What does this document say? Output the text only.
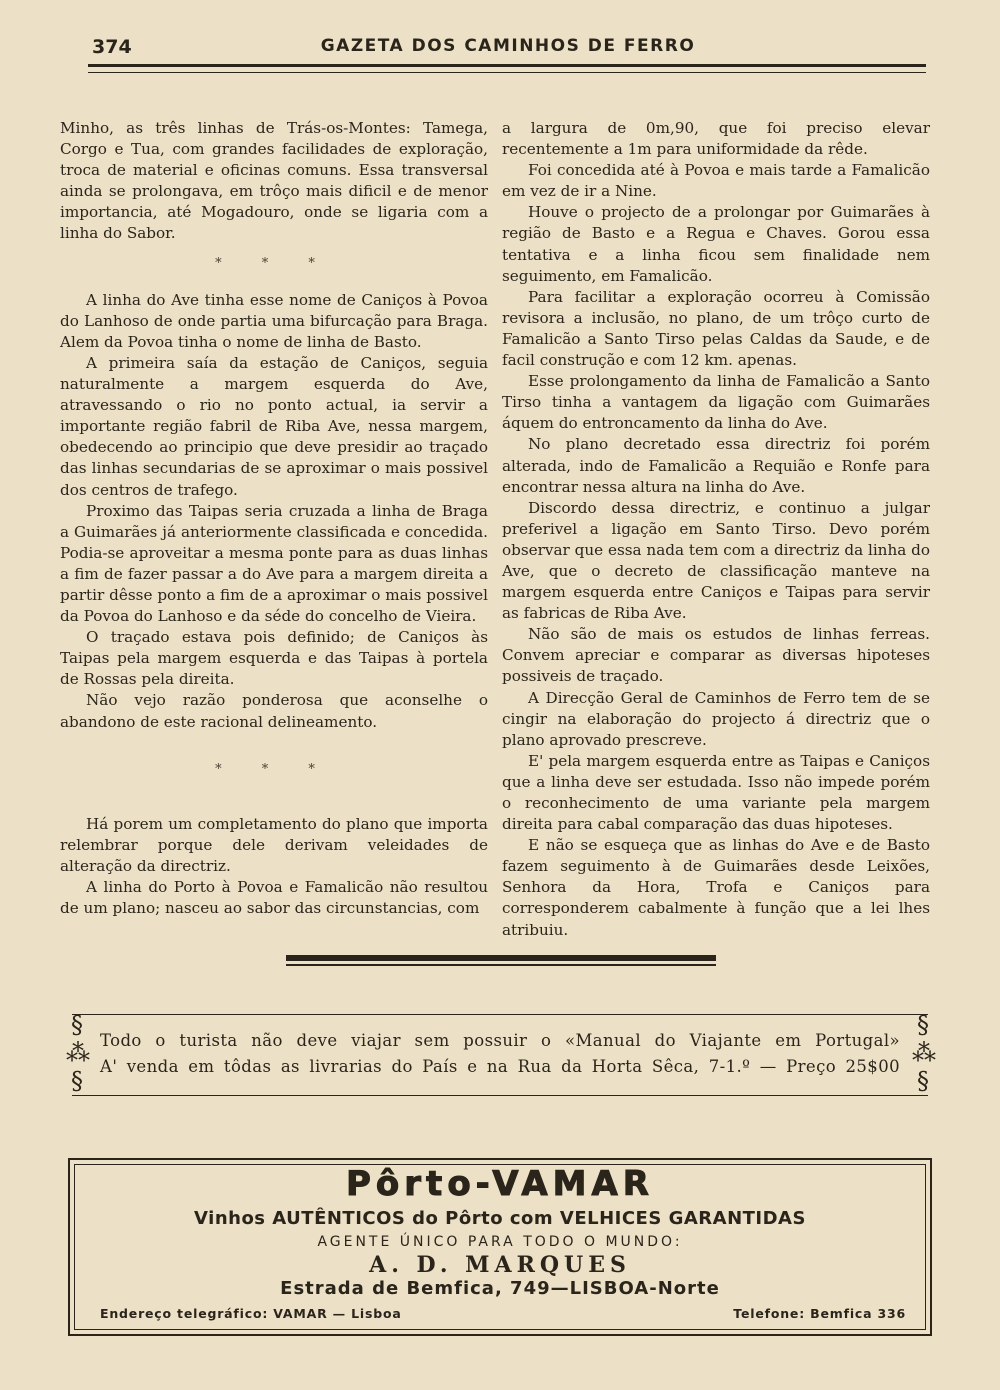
374	GAZETA DOS CAMINHOS DE FERRO

Minho, as três linhas de Trás-os-Montes: Tamega, Corgo e Tua, com grandes facilidades de exploração, troca de material e oficinas comuns. Essa transversal ainda se prolongava, em trôço mais dificil e de menor importancia, até Mogadouro, onde se ligaria com a linha do Sabor.

* * *

A linha do Ave tinha esse nome de Caniços à Povoa do Lanhoso de onde partia uma bifurcação para Braga. Alem da Povoa tinha o nome de linha de Basto.

A primeira saía da estação de Caniços, seguia naturalmente a margem esquerda do Ave, atravessando o rio no ponto actual, ia servir a importante região fabril de Riba Ave, nessa margem, obedecendo ao principio que deve presidir ao traçado das linhas secundarias de se aproximar o mais possivel dos centros de trafego.

Proximo das Taipas seria cruzada a linha de Braga a Guimarães já anteriormente classificada e concedida. Podia-se aproveitar a mesma ponte para as duas linhas a fim de fazer passar a do Ave para a margem direita a partir dêsse ponto a fim de a aproximar o mais possivel da Povoa do Lanhoso e da séde do concelho de Vieira.

O traçado estava pois definido; de Caniços às Taipas pela margem esquerda e das Taipas à portela de Rossas pela direita.

Não vejo razão ponderosa que aconselhe o abandono de este racional delineamento.

* * *

Há porem um completamento do plano que importa relembrar porque dele derivam veleidades de alteração da directriz.

A linha do Porto à Povoa e Famalicão não resultou de um plano; nasceu ao sabor das circunstancias, com

a largura de 0m,90, que foi preciso elevar recentemente a 1m para uniformidade da rêde.

Foi concedida até à Povoa e mais tarde a Famalicão em vez de ir a Nine.

Houve o projecto de a prolongar por Guimarães à região de Basto e a Regua e Chaves. Gorou essa tentativa e a linha ficou sem finalidade nem seguimento, em Famalicão.

Para facilitar a exploração ocorreu à Comissão revisora a inclusão, no plano, de um trôço curto de Famalicão a Santo Tirso pelas Caldas da Saude, e de facil construção e com 12 km. apenas.

Esse prolongamento da linha de Famalicão a Santo Tirso tinha a vantagem da ligação com Guimarães áquem do entroncamento da linha do Ave.

No plano decretado essa directriz foi porém alterada, indo de Famalicão a Requião e Ronfe para encontrar nessa altura na linha do Ave.

Discordo dessa directriz, e continuo a julgar preferivel a ligação em Santo Tirso. Devo porém observar que essa nada tem com a directriz da linha do Ave, que o decreto de classificação manteve na margem esquerda entre Caniços e Taipas para servir as fabricas de Riba Ave.

Não são de mais os estudos de linhas ferreas. Convem apreciar e comparar as diversas hipoteses possiveis de traçado.

A Direcção Geral de Caminhos de Ferro tem de se cingir na elaboração do projecto á directriz que o plano aprovado prescreve.

E' pela margem esquerda entre as Taipas e Caniços que a linha deve ser estudada. Isso não impede porém o reconhecimento de uma variante pela margem direita para cabal comparação das duas hipoteses.

E não se esqueça que as linhas do Ave e de Basto fazem seguimento à de Guimarães desde Leixões, Senhora da Hora, Trofa e Caniços para corresponderem cabalmente à função que a lei lhes atribuiu.

§
⁂
§
Todo o turista não deve viajar sem possuir o «Manual do Viajante em Portugal»
A' venda em tôdas as livrarias do País e na Rua da Horta Sêca, 7-1.º — Preço 25$00
§
⁂
§
Pôrto-VAMAR
Vinhos AUTÊNTICOS do Pôrto com VELHICES GARANTIDAS
AGENTE ÚNICO PARA TODO O MUNDO:
A. D. MARQUES
Estrada de Bemfica, 749—LISBOA-Norte
Endereço telegráfico: VAMAR — Lisboa	Telefone: Bemfica 336
